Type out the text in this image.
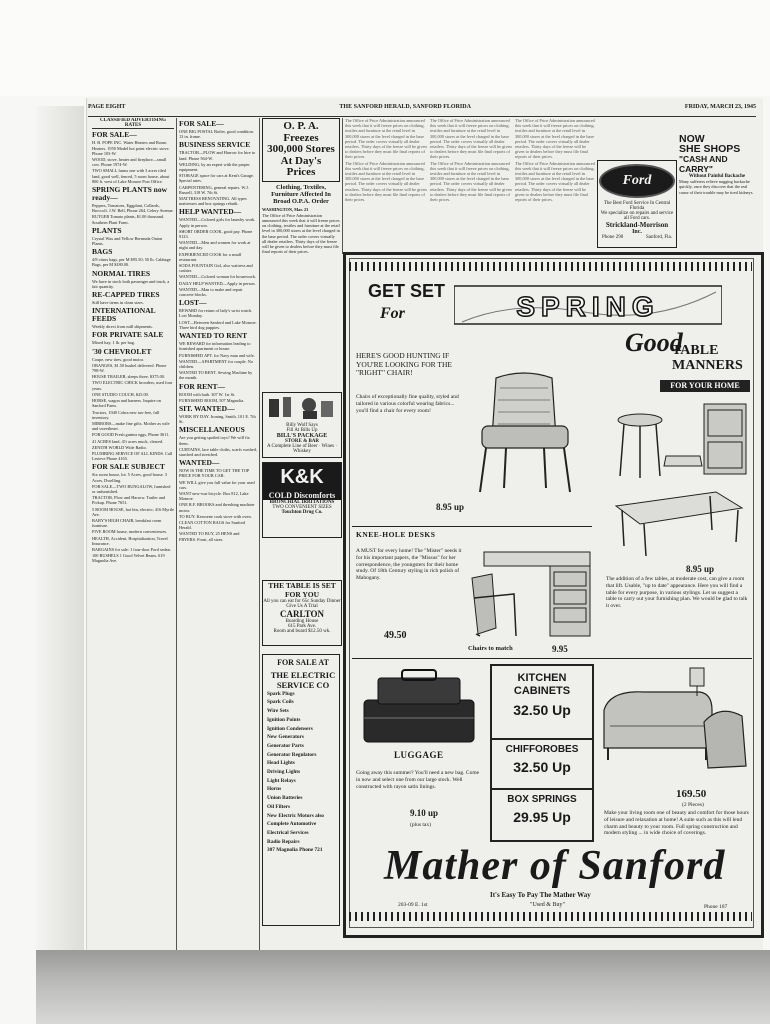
PAGE EIGHT	THE SANFORD HERALD, SANFORD FLORIDA	FRIDAY, MARCH 23, 1945
CLASSIFIED ADVERTISING RATES
FOR SALE—

H. B. POPE INC. Water Heaters and Room Heaters. 1950 Model hot point electric stove. Phone 103-W.

WOOD, stove, heater and fireplace—small cow. Phone 1974-W.

TWO SMALL farms one with 3 acres tiled land, good well, fenced, 5 room house, about 800 ft. west of Lake Monroe Post Office.

SPRING PLANTS now ready—

Peppers, Tomatoes, Eggplant, Collards, Broccoli. J.W. Bell, Phone 264, Celery Avenue.

RUTGER Tomato plants, $1.00 thousand. Southern Plant Farm.

PLANTS

Crystal Wax and Yellow Bermuda Onion Plants.

BAGS

4/8 citrus bags, per M $95.50; 50 lb. Cabbage Bags, per M $180.00.

NORMAL TIRES

We have in stock both passenger and truck, a fair quantity.

RE-CAPPED TIRES

Still have items in clean sizes.

INTERNATIONAL FEEDS

Weekly direct from mill shipments.

FOR PRIVATE SALE

Mixed hay, 1 lb. per bag.

'30 CHEVROLET

Coupe, new tires, good motor.

ORANGES, $1.50 bushel delivered. Phone 798-W.

HOUSE TRAILER, sleeps three, $375.00.

TWO ELECTRIC CHICK brooders, used four years.

ONE STUDIO COUCH, $25.00.

HORSE, wagon and harness. Inquire on Sanford Farm.

Tractors, 1940 Cobra new tax-free, full inventory.

MIRRORS—make fine gifts. Mother as wife and sweetheart.

FOR GOOD Fresh guinea eggs, Phone 3611.

41 ACRES land, 4½ acres muck, cleared.

ZENITH WORLD Wide Radio.

PLUMBING SERVICE OF ALL KINDS. Call Lesieve Phone 4165.

FOR SALE SUBJECT

Six room house, lot. 5 Acres, good house. 3 Acres, Dwelling.

FOR SALE—TWO BUNGALOW, furnished or unfurnished.

TRACTOR, Plow and Harrow. Trailer and Pickup. Phone 7651.

5 ROOM HOUSE, hot bin, electric; 416 Myrtle Ave.

BABY'S HIGH CHAIR, breakfast room furniture.

FIVE ROOM house, modern conveniences.

HEALTH, Accident, Hospitalization, Travel Insurance.

BARGAINS for sale: 1 four-door Ford sedan.

100 BUSHELS 1 Good Velvet Beans. 619 Magnolia Ave.

FOR SALE—

ONE BIG POSTAL Boiler, good condition. 13 in. frame.

BUSINESS SERVICE

TRACTOR—PLOW and Harrow for hire to land. Phone 564-W.

WELDING, by an expert with the proper equipment.

STORAGE space for cars at Kent's Garage. Special rates.

CARPENTERING, general repairs. W.J. Russell, 318 W. 7th St.

MATTRESS RENOVATING. All types mattresses and box springs rebuilt.

HELP WANTED—

WANTED—Colored girls for laundry work. Apply in person.

SHORT ORDER COOK, good pay. Phone 9123.

WANTED—Men and women for work at night and day.

EXPERIENCED COOK for a small restaurant.

SODA FOUNTAIN Girl, also waitress and cashier.

WANTED—Colored woman for housework.

DAILY HELP WANTED—Apply in person.

WANTED—Man to make and repair concrete blocks.

LOST—

REWARD for return of lady's wrist watch. Lost Monday.

LOST—Between Sanford and Lake Monroe: Three bird dog puppies.

WANTED TO RENT

WE REWARD for information leading to furnished apartment or house.

FURNISHED APT. for Navy man and wife.

WANTED—APARTMENT for couple. No children.

WANTED TO RENT. Sewing Machine by the month.

FOR RENT—

ROOM with bath. 307 W. 1st St.

FURNISHED ROOM, 507 Magnolia.

SIT. WANTED—

WORK BY DAY. Ironing, Smith, 101 E. 7th St.

MISCELLANEOUS

Are you getting spoiled toys? We will fix them.

CURTAINS, lace table cloths, scarfs washed, starched and stretched.

WANTED—

NOW IS THE TIME TO GET THE TOP PRICE FOR YOUR CAR.

WE WILL give you full value for your used cars.

WANT new-war bicycle. Box 812, Lake Monroe.

ONE R.F. BROOKS and threshing machine motor.

TO BUY: Kerosene cook stove with oven.

CLEAN COTTON RAGS for Sanford Herald.

WANTED TO BUY, 25 HENS and FRYERS. Front, all sizes.

O. P. A. Freezes 300,000 Stores At Day's Prices
Clothing, Textiles, Furniture Affected In Broad O.P.A. Order

WASHINGTON, Mar. 23

The Office of Price Administration announced this week that it will freeze prices on clothing, textiles and furniture at the retail level in 300,000 stores at the level charged in the base period. The order covers virtually all dealer retailers. Thirty days of the freeze will be given to dealers before they must file final reports of their prices.

The Office of Price Administration announced this week that it will freeze prices on clothing, textiles and furniture at the retail level in 300,000 stores at the level charged in the base period. The order covers virtually all dealer retailers. Thirty days of the freeze will be given to dealers before they must file final reports of their prices.

The Office of Price Administration announced this week that it will freeze prices on clothing, textiles and furniture at the retail level in 300,000 stores at the level charged in the base period. The order covers virtually all dealer retailers. Thirty days of the freeze will be given to dealers before they must file final reports of their prices.

The Office of Price Administration announced this week that it will freeze prices on clothing, textiles and furniture at the retail level in 300,000 stores at the level charged in the base period. The order covers virtually all dealer retailers. Thirty days of the freeze will be given to dealers before they must file final reports of their prices.

The Office of Price Administration announced this week that it will freeze prices on clothing, textiles and furniture at the retail level in 300,000 stores at the level charged in the base period. The order covers virtually all dealer retailers. Thirty days of the freeze will be given to dealers before they must file final reports of their prices.

The Office of Price Administration announced this week that it will freeze prices on clothing, textiles and furniture at the retail level in 300,000 stores at the level charged in the base period. The order covers virtually all dealer retailers. Thirty days of the freeze will be given to dealers before they must file final reports of their prices.

The Office of Price Administration announced this week that it will freeze prices on clothing, textiles and furniture at the retail level in 300,000 stores at the level charged in the base period. The order covers virtually all dealer retailers. Thirty days of the freeze will be given to dealers before they must file final reports of their prices.

Ford
The Best Ford Service In Central Florida
We specialize on repairs and service all Ford cars.
Strickland-Morrison
Inc.
Phone 290	Sanford, Fla.
NOW
SHE SHOPS
"CASH AND CARRY"
Without Painful Backache

Many sufferers relieve nagging backache quickly, once they discover that the real cause of their trouble may be tired kidneys.

Billy Wolf Says
Fill At Bills Up
BILL'S PACKAGE
STORE & BAR
A Complete Line of Beer · Wines · Whiskey
K&K
COLD Discomforts
BRONCHIAL IRRITATIONS
TWO CONVENIENT SIZES
Touchton Drug Co.
THE TABLE IS SET FOR YOU
All you can eat for 65c Sunday Dinner
Give Us A Trial
CARLTON
Boarding House
615 Park Ave.
Room and board $12.50 wk.
FOR SALE AT
THE ELECTRIC SERVICE CO
Spark Plugs
Spark Coils
Wire Sets
Ignition Points
Ignition Condensers
New Generators
Generator Parts
Generator Regulators
Head Lights
Driving Lights
Light Relays
Horns
Union Batteries
Oil Filters
New Electric Motors also
Complete Automotive Electrical Services
Radio Repairs
307 Magnolia Phone 721
GET SET
For	SPRING
HERE'S GOOD HUNTING IF YOU'RE LOOKING FOR THE "RIGHT" CHAIR!
Chairs of exceptionally fine quality, styled and tailored in various colorful wearing fabrics... you'll find a chair for every room!
8.95 up
KNEE-HOLE DESKS
A MUST for every home! The "Mister" needs it for his important papers, the "Missus" for her correspondence, the youngsters for their home study. Of 18th Century styling in rich polish of Mahogany.
49.50
Chairs to match	9.95
Good
TABLE
MANNERS
FOR YOUR HOME
8.95 up
The addition of a few tables, at moderate cost, can give a room that lift. Usable, "up to date" appearance. Here you will find a table for every purpose, in various stylings. Let us suggest a table to carry out your furnishing plan. We would be glad to talk it over.
LUGGAGE
Going away this summer? You'll need a new bag. Come in now and select one from our large stock. Well constructed with rayon satin linings.
9.10 up
(plus tax)
KITCHEN CABINETS
32.50 Up
CHIFFOROBES
32.50 Up
BOX SPRINGS
29.95 Up
169.50
(2 Pieces)
Make your living room one of beauty and comfort for those hours of leisure and relaxation at home! A suite such as this will lend charm and beauty to your room. Full spring construction and modern styling ... in wide choice of coverings.
Mather of Sanford
It's Easy To Pay The Mather Way
"Used & Buy"
203-09 E. 1st	Phone 187
